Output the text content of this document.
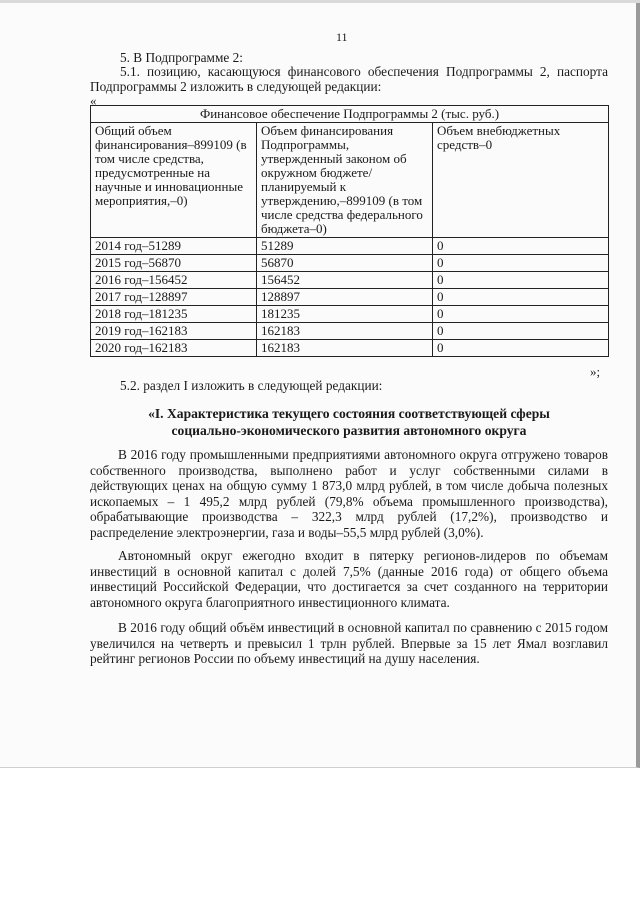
11
5. В Подпрограмме 2:
5.1. позицию, касающуюся финансового обеспечения Подпрограммы 2, паспорта Подпрограммы 2 изложить в следующей редакции:
«
Финансовое обеспечение Подпрограммы 2 (тыс. руб.)		
Общий объем финансирования–899109 (в том числе средства, предусмотренные на научные и инновационные мероприятия,–0)	Объем финансирования Подпрограммы, утвержденный законом об окружном бюджете/ планируемый к утверждению,–899109 (в том числе средства федерального бюджета–0)	Объем внебюджетных средств–0
2014 год–51289	51289	0
2015 год–56870	56870	0
2016 год–156452	156452	0
2017 год–128897	128897	0
2018 год–181235	181235	0
2019 год–162183	162183	0
2020 год–162183	162183	0
»;
5.2. раздел I изложить в следующей редакции:
«I. Характеристика текущего состояния соответствующей сферы
социально-экономического развития автономного округа

В 2016 году промышленными предприятиями автономного округа отгружено товаров собственного производства, выполнено работ и услуг собственными силами в действующих ценах на общую сумму 1 873,0 млрд рублей, в том числе добыча полезных ископаемых – 1 495,2 млрд рублей (79,8% объема промышленного производства), обрабатывающие производства – 322,3 млрд рублей (17,2%), производство и распределение электроэнергии, газа и воды–55,5 млрд рублей (3,0%).

Автономный округ ежегодно входит в пятерку регионов-лидеров по объемам инвестиций в основной капитал с долей 7,5% (данные 2016 года) от общего объема инвестиций Российской Федерации, что достигается за счет созданного на территории автономного округа благоприятного инвестиционного климата.

В 2016 году общий объём инвестиций в основной капитал по сравнению с 2015 годом увеличился на четверть и превысил 1 трлн рублей. Впервые за 15 лет Ямал возглавил рейтинг регионов России по объему инвестиций на душу населения.
